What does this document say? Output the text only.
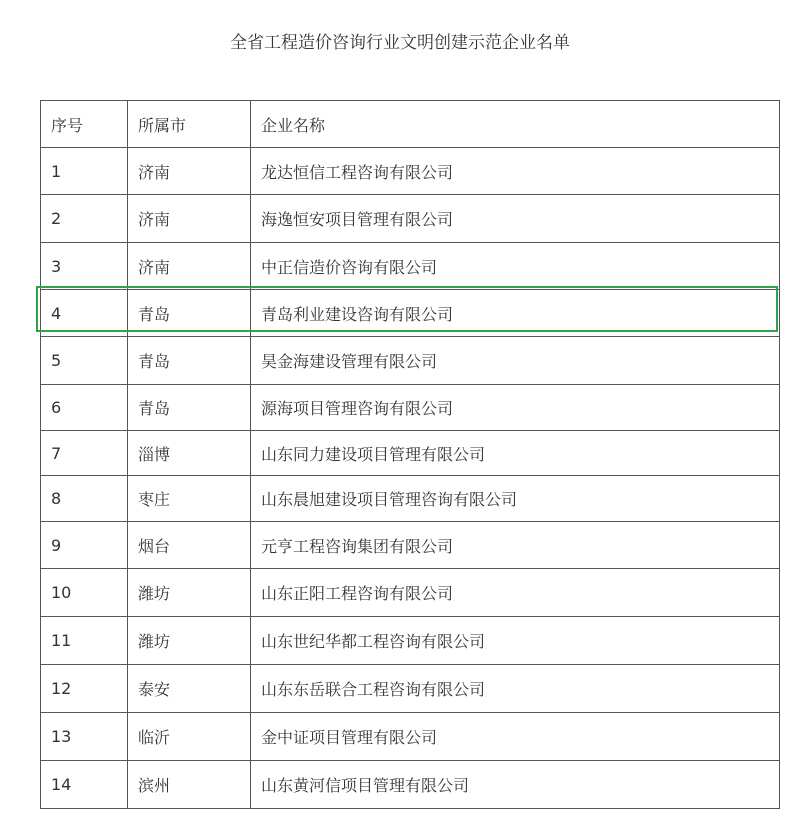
全省工程造价咨询行业文明创建示范企业名单
序号	所属市	企业名称
1	济南	龙达恒信工程咨询有限公司
2	济南	海逸恒安项目管理有限公司
3	济南	中正信造价咨询有限公司
4	青岛	青岛利业建设咨询有限公司
5	青岛	昊金海建设管理有限公司
6	青岛	源海项目管理咨询有限公司
7	淄博	山东同力建设项目管理有限公司
8	枣庄	山东晨旭建设项目管理咨询有限公司
9	烟台	元亨工程咨询集团有限公司
10	潍坊	山东正阳工程咨询有限公司
11	潍坊	山东世纪华都工程咨询有限公司
12	泰安	山东东岳联合工程咨询有限公司
13	临沂	金中证项目管理有限公司
14	滨州	山东黄河信项目管理有限公司
